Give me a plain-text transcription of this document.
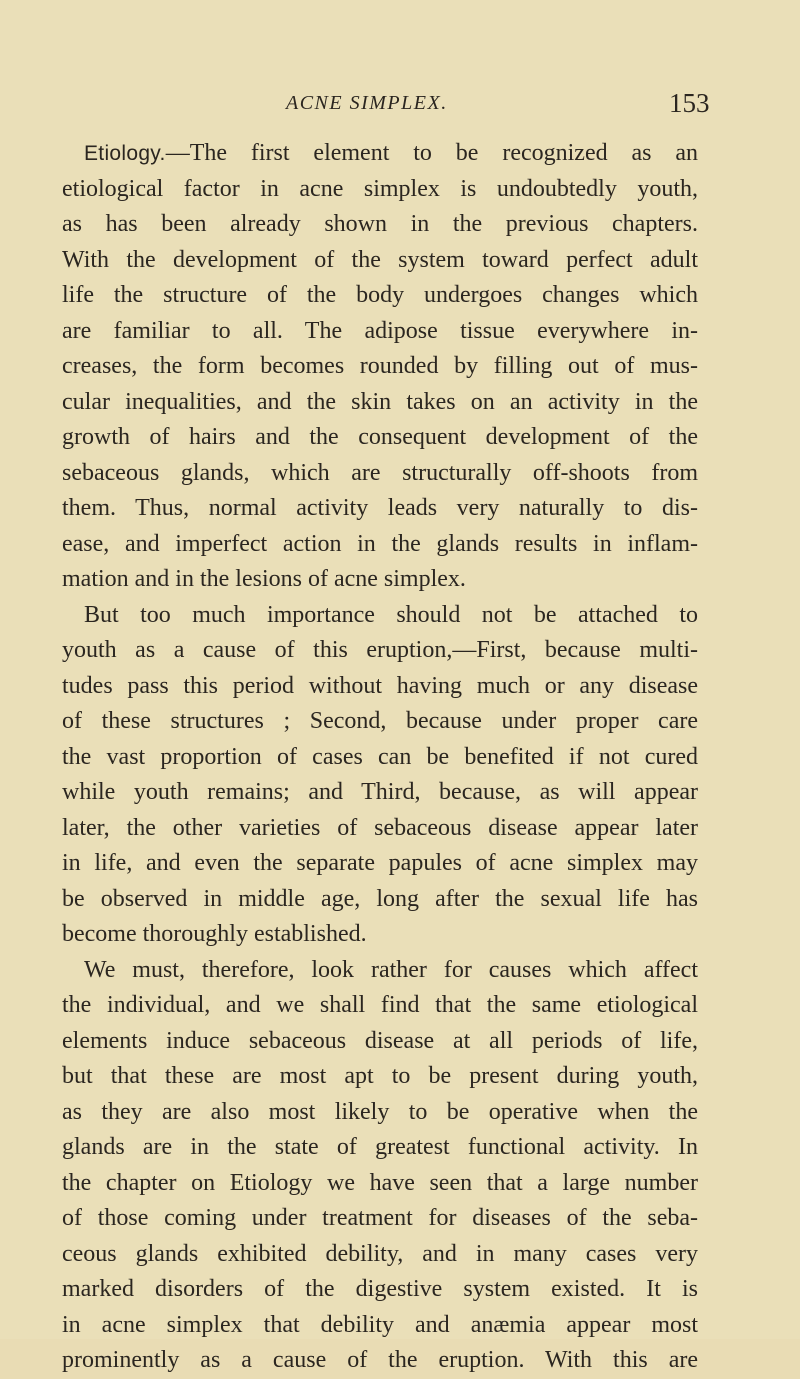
ACNE SIMPLEX.	153
Etiology.—The first element to be recognized as an
etiological factor in acne simplex is undoubtedly youth,
as has been already shown in the previous chapters.
With the development of the system toward perfect adult
life the structure of the body undergoes changes which
are familiar to all. The adipose tissue everywhere in-
creases, the form becomes rounded by filling out of mus-
cular inequalities, and the skin takes on an activity in the
growth of hairs and the consequent development of the
sebaceous glands, which are structurally off-shoots from
them. Thus, normal activity leads very naturally to dis-
ease, and imperfect action in the glands results in inflam-
mation and in the lesions of acne simplex.
But too much importance should not be attached to
youth as a cause of this eruption,—First, because multi-
tudes pass this period without having much or any disease
of these structures ; Second, because under proper care
the vast proportion of cases can be benefited if not cured
while youth remains; and Third, because, as will appear
later, the other varieties of sebaceous disease appear later
in life, and even the separate papules of acne simplex may
be observed in middle age, long after the sexual life has
become thoroughly established.
We must, therefore, look rather for causes which affect
the individual, and we shall find that the same etiological
elements induce sebaceous disease at all periods of life,
but that these are most apt to be present during youth,
as they are also most likely to be operative when the
glands are in the state of greatest functional activity. In
the chapter on Etiology we have seen that a large number
of those coming under treatment for diseases of the seba-
ceous glands exhibited debility, and in many cases very
marked disorders of the digestive system existed. It is
in acne simplex that debility and anæmia appear most
prominently as a cause of the eruption. With this are
